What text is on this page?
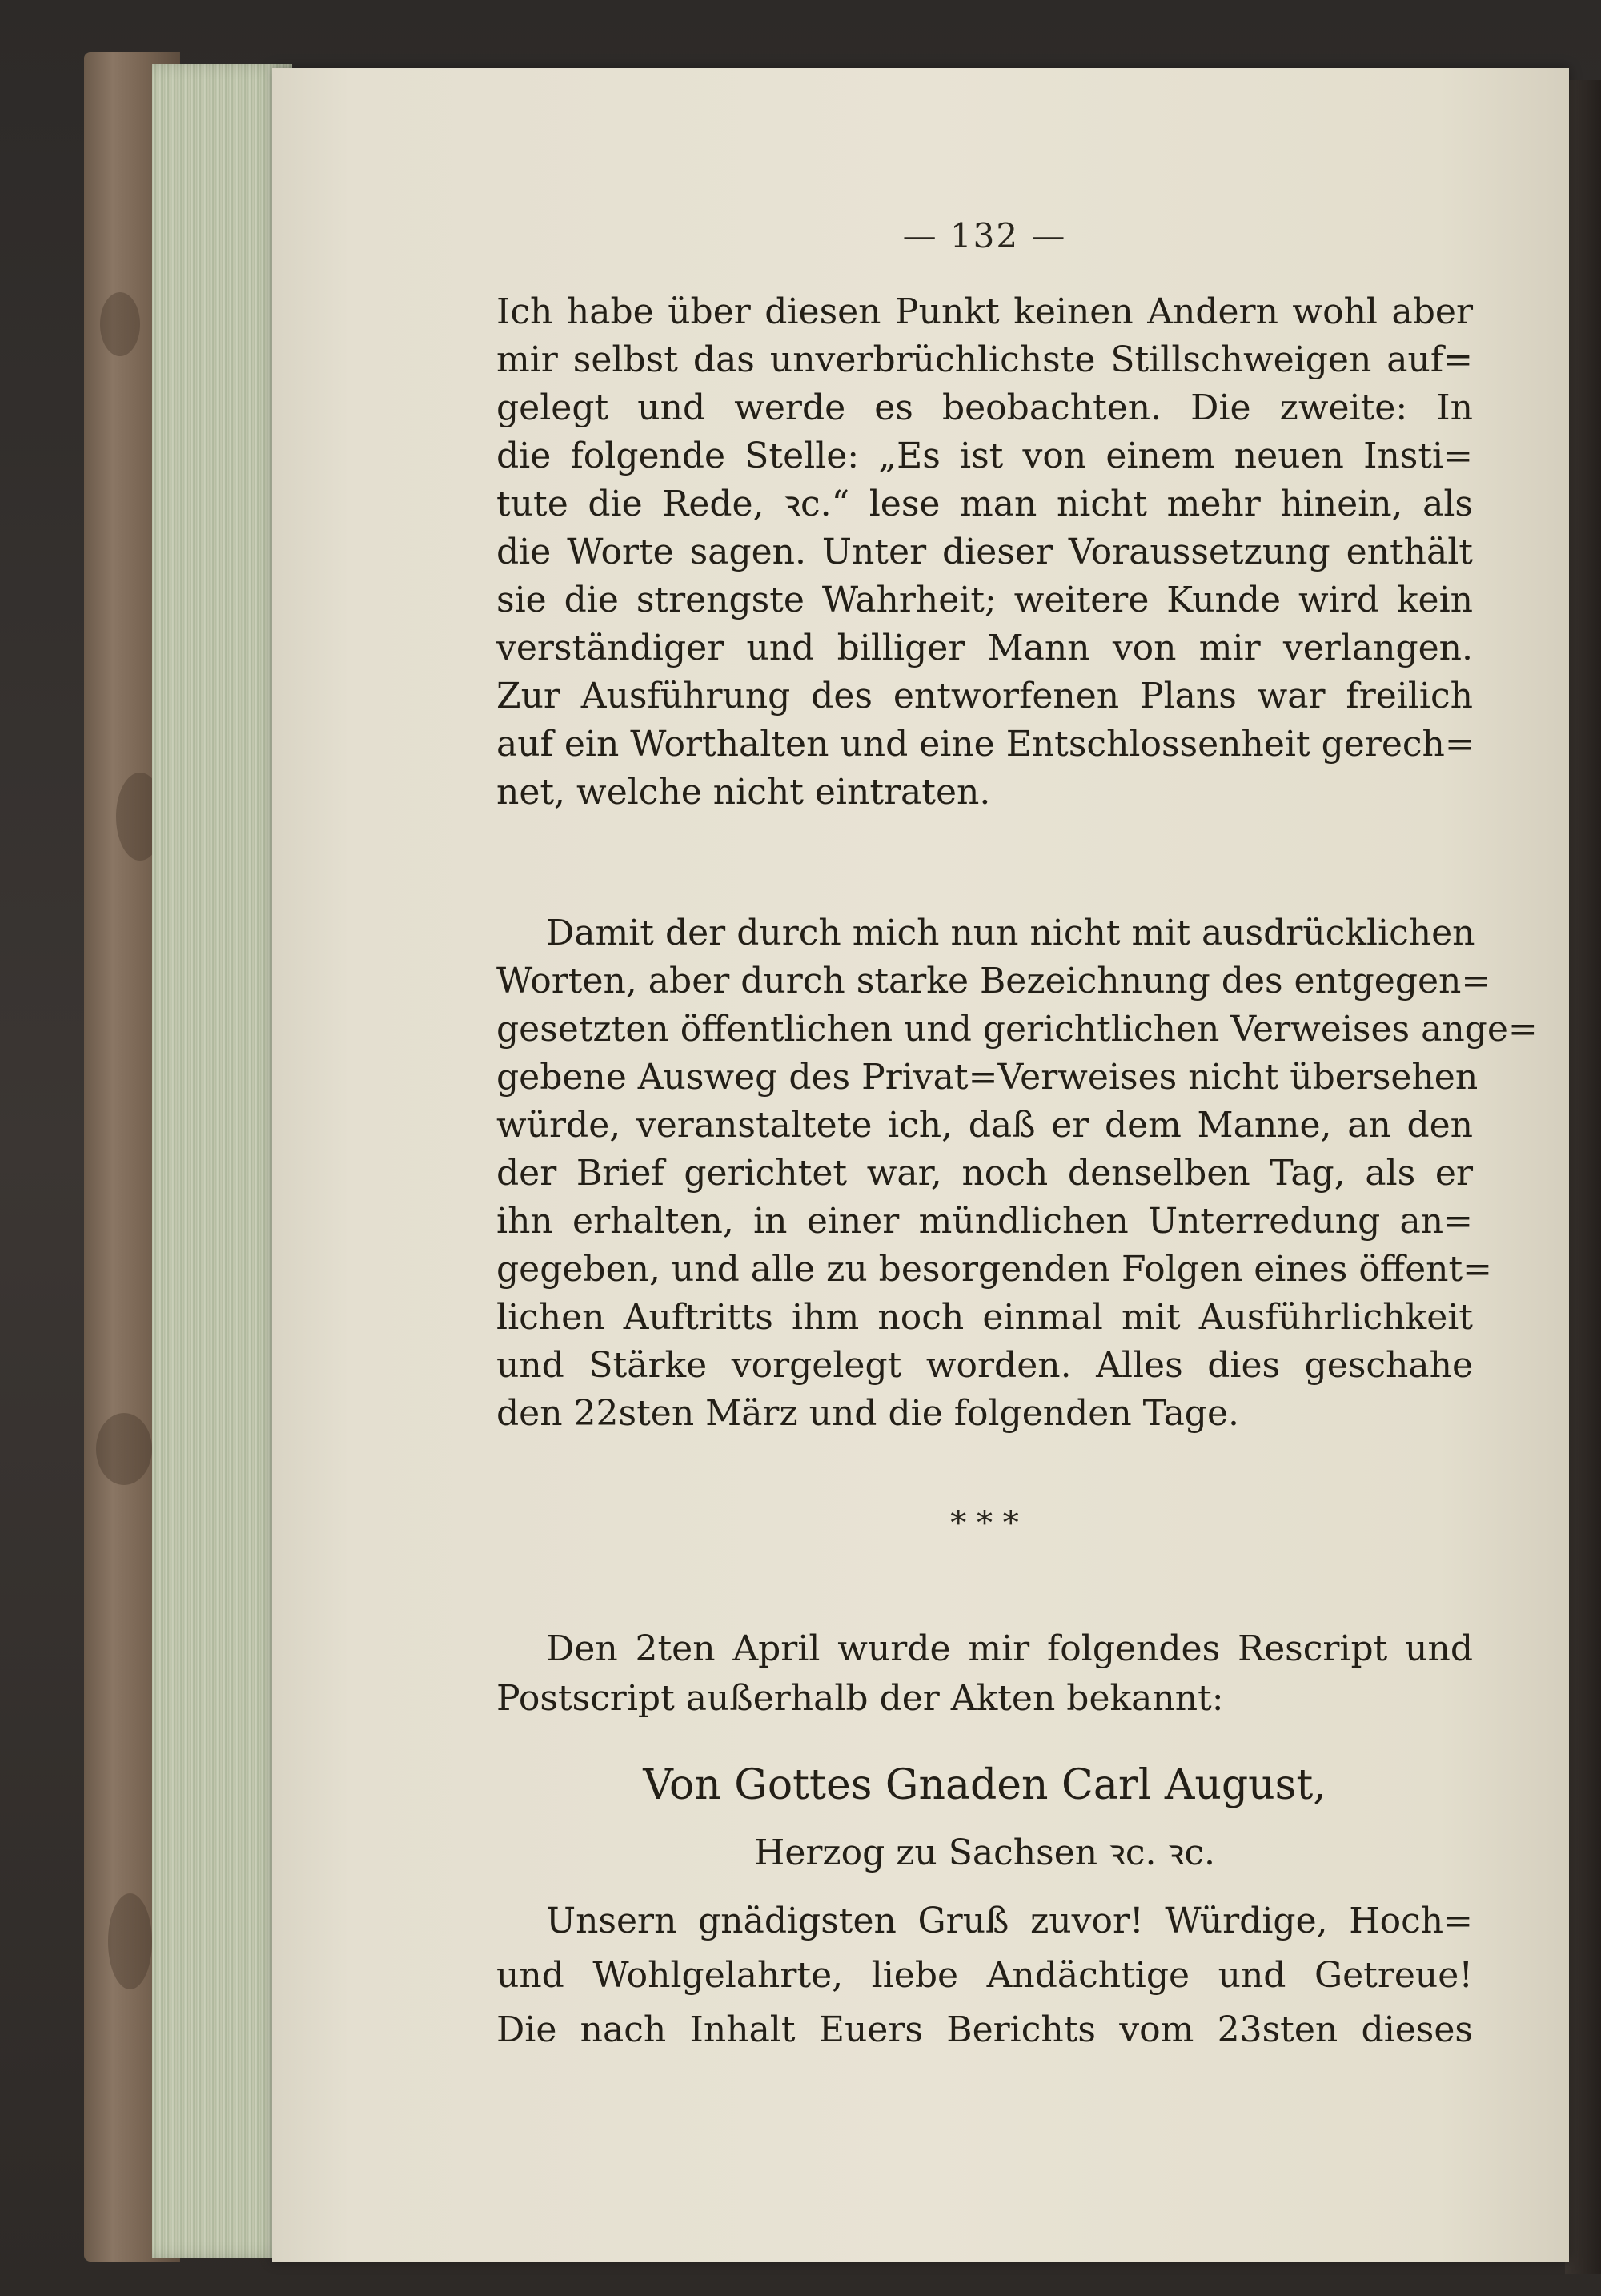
— 132 —
Ich habe über diesen Punkt keinen Andern wohl aber
mir selbst das unverbrüchlichste Stillschweigen auf=
gelegt und werde es beobachten. Die zweite: In
die folgende Stelle: „Es ist von einem neuen Insti=
tute die Rede, ꝛc.“ lese man nicht mehr hinein, als
die Worte sagen. Unter dieser Voraussetzung enthält
sie die strengste Wahrheit; weitere Kunde wird kein
verständiger und billiger Mann von mir verlangen.
Zur Ausführung des entworfenen Plans war freilich
auf ein Worthalten und eine Entschlossenheit gerech=
net, welche nicht eintraten.
Damit der durch mich nun nicht mit ausdrücklichen
Worten, aber durch starke Bezeichnung des entgegen=
gesetzten öffentlichen und gerichtlichen Verweises ange=
gebene Ausweg des Privat=Verweises nicht übersehen
würde, veranstaltete ich, daß er dem Manne, an den
der Brief gerichtet war, noch denselben Tag, als er
ihn erhalten, in einer mündlichen Unterredung an=
gegeben, und alle zu besorgenden Folgen eines öffent=
lichen Auftritts ihm noch einmal mit Ausführlichkeit
und Stärke vorgelegt worden. Alles dies geschahe
den 22sten März und die folgenden Tage.
* * *
Den 2ten April wurde mir folgendes Rescript und
Postscript außerhalb der Akten bekannt:
Von Gottes Gnaden Carl August,
Herzog zu Sachsen ꝛc. ꝛc.
Unsern gnädigsten Gruß zuvor! Würdige, Hoch=
und Wohlgelahrte, liebe Andächtige und Getreue!
Die nach Inhalt Euers Berichts vom 23sten dieses
